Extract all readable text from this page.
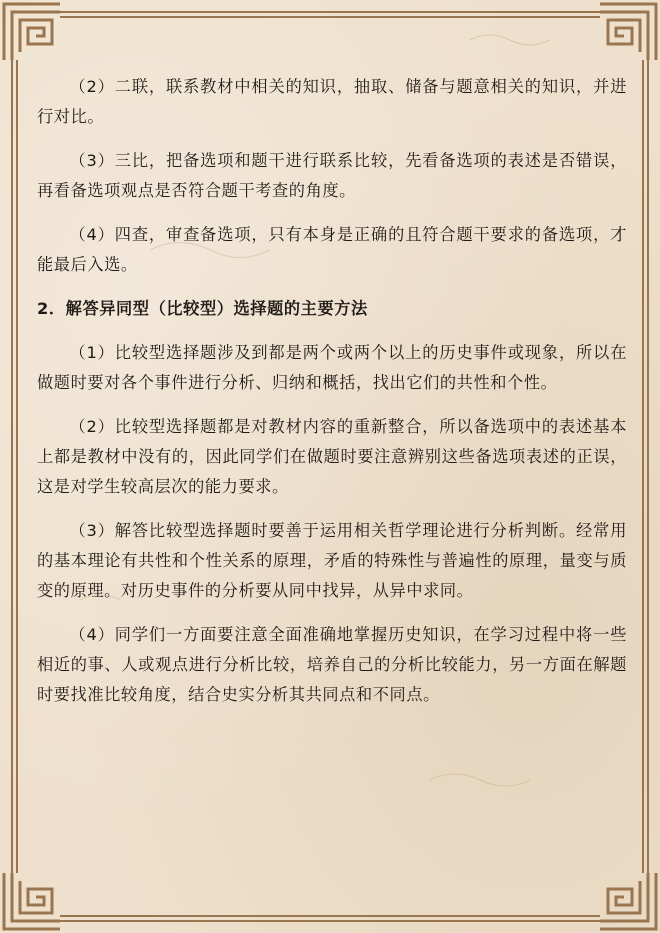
（2）二联，联系教材中相关的知识，抽取、储备与题意相关的知识，并进行对比。

（3）三比，把备选项和题干进行联系比较，先看备选项的表述是否错误，再看备选项观点是否符合题干考查的角度。

（4）四查，审查备选项，只有本身是正确的且符合题干要求的备选项，才能最后入选。

2．解答异同型（比较型）选择题的主要方法

（1）比较型选择题涉及到都是两个或两个以上的历史事件或现象，所以在做题时要对各个事件进行分析、归纳和概括，找出它们的共性和个性。

（2）比较型选择题都是对教材内容的重新整合，所以备选项中的表述基本上都是教材中没有的，因此同学们在做题时要注意辨别这些备选项表述的正误，这是对学生较高层次的能力要求。

（3）解答比较型选择题时要善于运用相关哲学理论进行分析判断。经常用的基本理论有共性和个性关系的原理，矛盾的特殊性与普遍性的原理，量变与质变的原理。对历史事件的分析要从同中找异，从异中求同。

（4）同学们一方面要注意全面准确地掌握历史知识，在学习过程中将一些相近的事、人或观点进行分析比较，培养自己的分析比较能力，另一方面在解题时要找准比较角度，结合史实分析其共同点和不同点。
